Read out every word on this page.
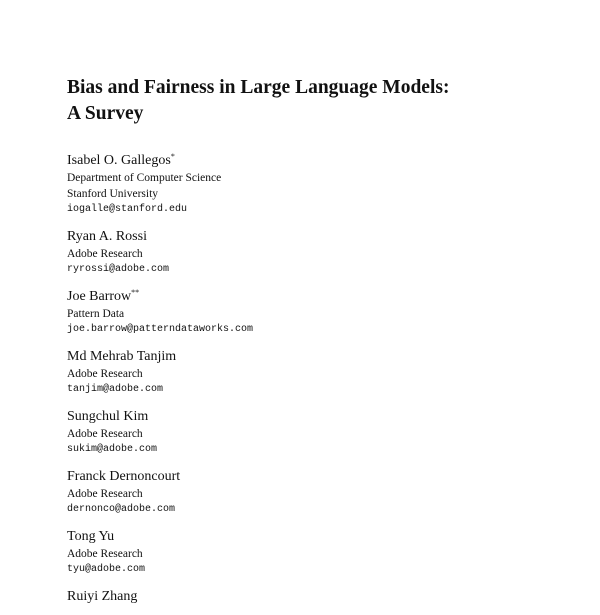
Bias and Fairness in Large Language Models:
A Survey
Isabel O. Gallegos*
Department of Computer Science
Stanford University
iogalle@stanford.edu
Ryan A. Rossi
Adobe Research
ryrossi@adobe.com
Joe Barrow**
Pattern Data
joe.barrow@patterndataworks.com
Md Mehrab Tanjim
Adobe Research
tanjim@adobe.com
Sungchul Kim
Adobe Research
sukim@adobe.com
Franck Dernoncourt
Adobe Research
dernonco@adobe.com
Tong Yu
Adobe Research
tyu@adobe.com
Ruiyi Zhang
